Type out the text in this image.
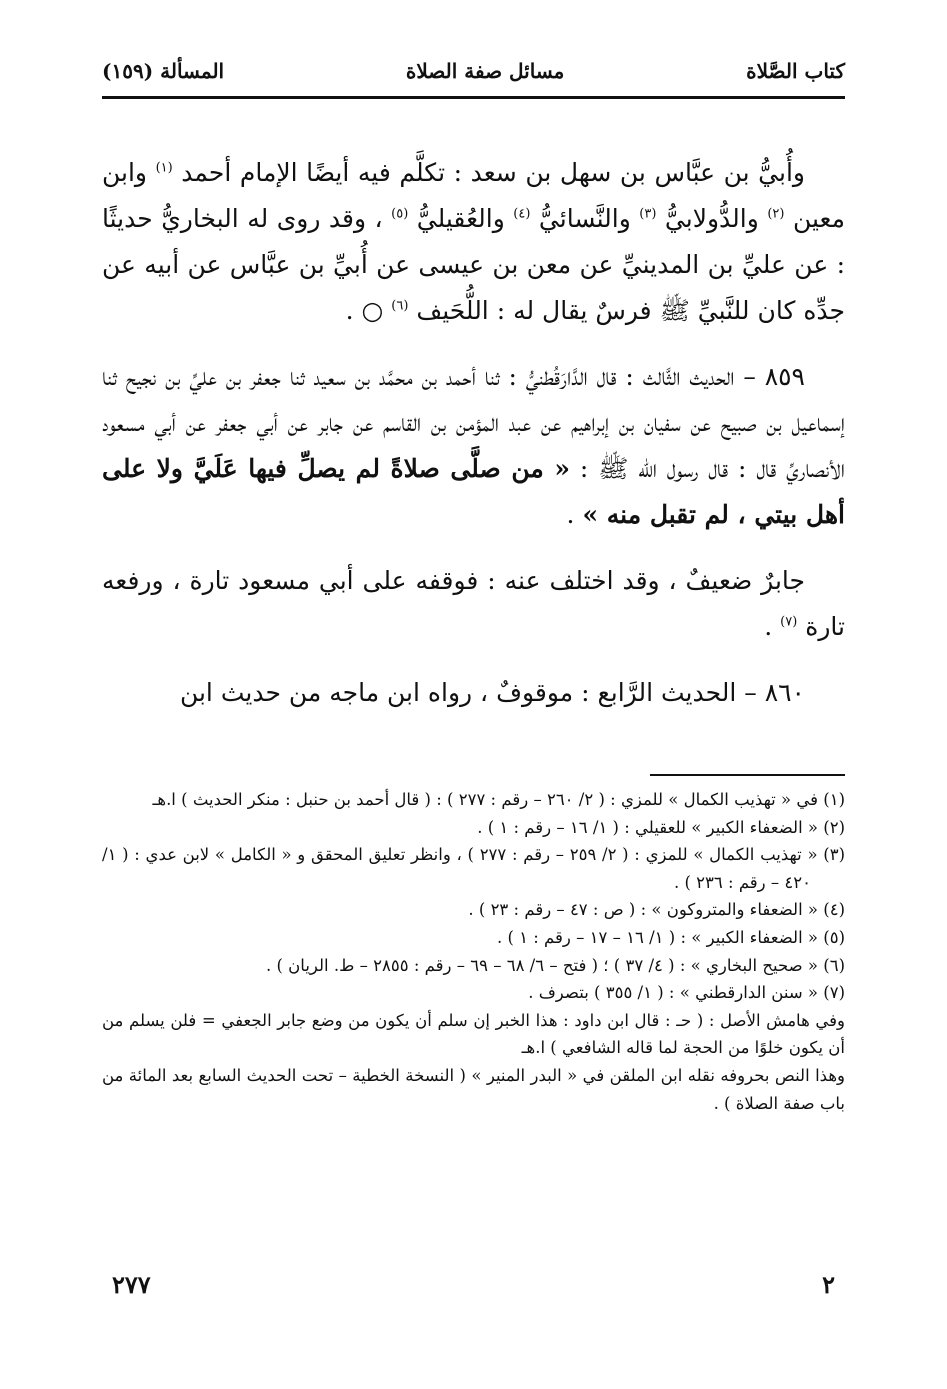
كتاب الصَّلاة
مسائل صفة الصلاة
المسألة (١٥٩)

وأُبيُّ بن عبَّاس بن سهل بن سعد : تكلَّم فيه أيضًا الإمام أحمد $^{(١)}$ وابن معين $^{(٢)}$ والدُّولابيُّ $^{(٣)}$ والنَّسائيُّ $^{(٤)}$ والعُقيليُّ $^{(٥)}$ ، وقد روى له البخاريُّ حديثًا : عن عليِّ بن المدينيِّ عن معن بن عيسى عن أُبيِّ بن عبَّاس عن أبيه عن جدِّه كان للنَّبيِّ ﷺ فرسٌ يقال له : اللُّحَيف $^{(٦)}$ ○ .

٨٥٩ – الحديث الثَّالث : قال الدَّارَقُطنيُّ : ثنا أحمد بن محمَّد بن سعيد ثنا جعفر بن عليِّ بن نجيح ثنا إسماعيل بن صبيح عن سفيان بن إبراهيم عن عبد المؤمن بن القاسم عن جابر عن أبي جعفر عن أبي مسعود الأنصاريِّ قال : قال رسول الله ﷺ : « من صلَّى صلاةً لم يصلِّ فيها عَلَيَّ ولا على أهل بيتي ، لم تقبل منه » .

جابرٌ ضعيفٌ ، وقد اختلف عنه : فوقفه على أبي مسعود تارة ، ورفعه تارة $^{(٧)}$ .

٨٦٠ – الحديث الرَّابع : موقوفٌ ، رواه ابن ماجه من حديث ابن

(١) في « تهذيب الكمال » للمزي : ( ٢/ ٢٦٠ – رقم : ٢٧٧ ) : ( قال أحمد بن حنبل : منكر الحديث ) ا.هـ

(٢) « الضعفاء الكبير » للعقيلي : ( ١/ ١٦ – رقم : ١ ) .

(٣) « تهذيب الكمال » للمزي : ( ٢/ ٢٥٩ – رقم : ٢٧٧ ) ، وانظر تعليق المحقق و « الكامل » لابن عدي : ( ١/ ٤٢٠ – رقم : ٢٣٦ ) .

(٤) « الضعفاء والمتروكون » : ( ص : ٤٧ – رقم : ٢٣ ) .

(٥) « الضعفاء الكبير » : ( ١/ ١٦ – ١٧ – رقم : ١ ) .

(٦) « صحيح البخاري » : ( ٤/ ٣٧ ) ؛ ( فتح – ٦/ ٦٨ – ٦٩ – رقم : ٢٨٥٥ – ط. الريان ) .

(٧) « سنن الدارقطني » : ( ١/ ٣٥٥ ) بتصرف .

وفي هامش الأصل : ( حـ : قال ابن داود : هذا الخبر إن سلم أن يكون من وضع جابر الجعفي = فلن يسلم من أن يكون خلوًا من الحجة لما قاله الشافعي ) ا.هـ

وهذا النص بحروفه نقله ابن الملقن في « البدر المنير » ( النسخة الخطية – تحت الحديث السابع بعد المائة من باب صفة الصلاة ) .

٢
٢٧٧
